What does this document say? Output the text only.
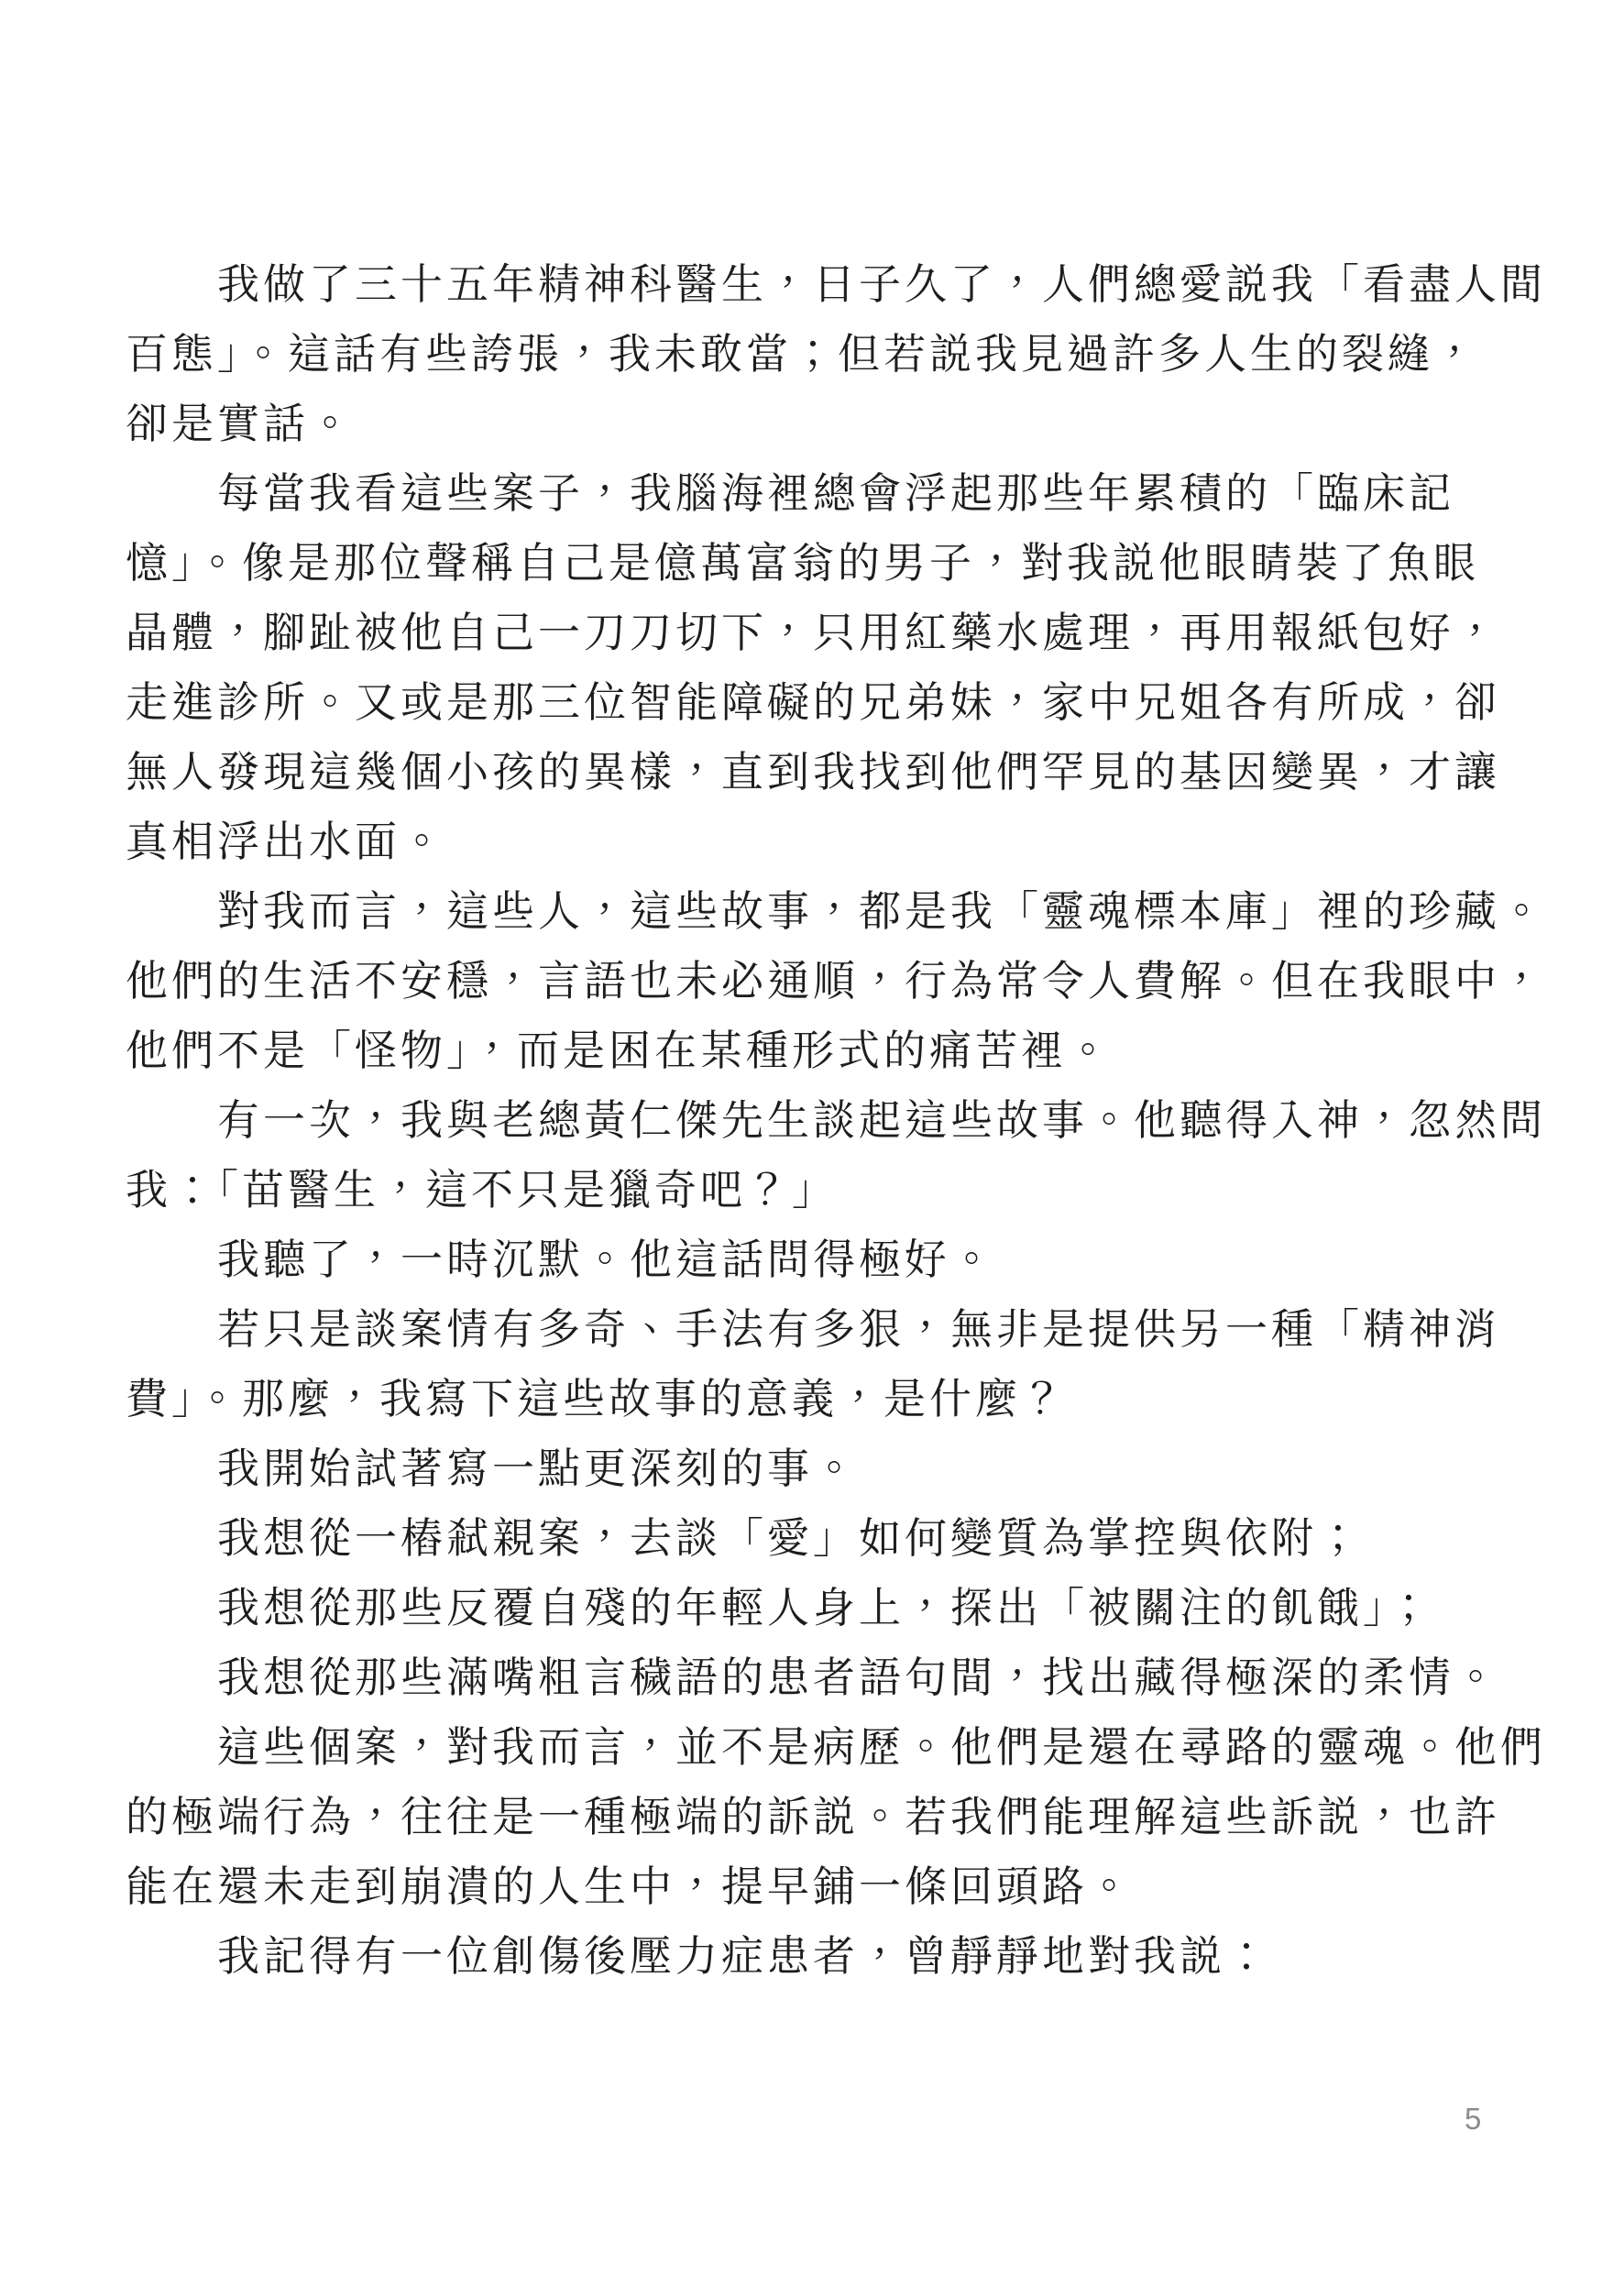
我做了三十五年精神科醫生，日子久了，人們總愛説我「看盡人間
百態」。這話有些誇張，我未敢當；但若説我見過許多人生的裂縫，
卻是實話。
每當我看這些案子，我腦海裡總會浮起那些年累積的「臨床記
憶」。像是那位聲稱自己是億萬富翁的男子，對我説他眼睛裝了魚眼
晶體，腳趾被他自己一刀刀切下，只用紅藥水處理，再用報紙包好，
走進診所。又或是那三位智能障礙的兄弟妹，家中兄姐各有所成，卻
無人發現這幾個小孩的異樣，直到我找到他們罕見的基因變異，才讓
真相浮出水面。
對我而言，這些人，這些故事，都是我「靈魂標本庫」裡的珍藏。
他們的生活不安穩，言語也未必通順，行為常令人費解。但在我眼中，
他們不是「怪物」，而是困在某種形式的痛苦裡。
有一次，我與老總黃仁傑先生談起這些故事。他聽得入神，忽然問
我：「苗醫生，這不只是獵奇吧？」
我聽了，一時沉默。他這話問得極好。
若只是談案情有多奇、手法有多狠，無非是提供另一種「精神消
費」。那麼，我寫下這些故事的意義，是什麼？
我開始試著寫一點更深刻的事。
我想從一樁弒親案，去談「愛」如何變質為掌控與依附；
我想從那些反覆自殘的年輕人身上，探出「被關注的飢餓」；
我想從那些滿嘴粗言穢語的患者語句間，找出藏得極深的柔情。
這些個案，對我而言，並不是病歷。他們是還在尋路的靈魂。他們
的極端行為，往往是一種極端的訴説。若我們能理解這些訴説，也許
能在還未走到崩潰的人生中，提早鋪一條回頭路。
我記得有一位創傷後壓力症患者，曾靜靜地對我説：
5
